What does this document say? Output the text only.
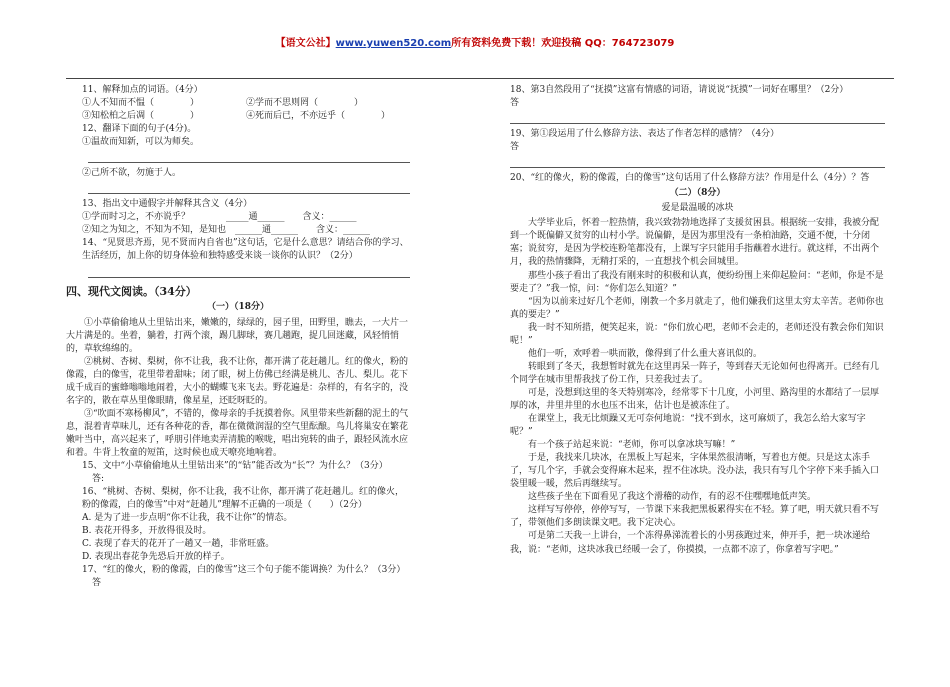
【语文公社】www.yuwen520.com所有资料免费下载！欢迎投稿 QQ：764723079

11、解释加点的词语。（4分）

①人不知而不愠（　　　　）	②学而不思则罔（　　　　）
③知松柏之后凋（　　　　）	④死而后已，不亦远乎（　　　　）

12、翻译下面的句子(4分)。

①温故而知新，可以为师矣。

②己所不欲，勿施于人。

13、指出文中通假字并解释其含义（4分）

①学而时习之，不亦说乎？　　　　_____通______　　含义：______

②知之为知之，不知为不知，是知也　______通______　　含义：______

14、“见贤思齐焉，见不贤而内自省也”这句话，它是什么意思？请结合你的学习、生活经历，加上你的切身体验和独特感受来谈一谈你的认识？（2分）

四、现代文阅读。（34分）

（一）（18分）

①小草偷偷地从土里钻出来，嫩嫩的，绿绿的，园子里，田野里，瞧去，一大片一大片满是的。坐着，躺着，打两个滚，踢几脚球，赛几趟跑，捉几回迷藏，风轻悄悄的，草软绵绵的。

②桃树、杏树、梨树，你不让我，我不让你，都开满了花赶趟儿。红的像火，粉的像霞，白的像雪，花里带着甜味；闭了眼，树上仿佛已经满是桃儿、杏儿、梨儿。花下成千成百的蜜蜂嗡嗡地闹着，大小的蝴蝶飞来飞去。野花遍是：杂样的，有名字的，没名字的，散在草丛里像眼睛，像星星，还眨呀眨的。

③“吹面不寒杨柳风”，不错的，像母亲的手抚摸着你。风里带来些新翻的泥土的气息，混着青草味儿，还有各种花的香，都在微微润湿的空气里酝酿。鸟儿将巢安在繁花嫩叶当中，高兴起来了，呼朋引伴地卖弄清脆的喉咙，唱出宛转的曲子，跟轻风流水应和着。牛背上牧童的短笛，这时候也成天嘹亮地响着。

15、文中“小草偷偷地从土里钻出来”的“钻”能否改为“长”？为什么？（3分）

答:

16、“桃树、杏树、梨树，你不让我，我不让你，都开满了花赶趟儿。红的像火，粉的像霞，白的像雪”中对“赶趟儿”理解不正确的一项是（　　）（2分）

A. 是为了进一步点明“你不让我，我不让你”的情态。

B. 表花开得多，开放得很及时。

C. 表现了春天的花开了一趟又一趟，非常旺盛。

D. 表现出春花争先恐后开放的样子。

17、“红的像火，粉的像霞，白的像雪”这三个句子能不能调换？为什么？（3分）

答

18、第3自然段用了“抚摸”这富有情感的词语，请说说“抚摸”一词好在哪里？（2分）

答

19、第①段运用了什么修辞方法、表达了作者怎样的感情？（4分）

答

20、“红的像火，粉的像霞，白的像雪”这句话用了什么修辞方法？作用是什么（4分）？答

（二）（8分）

爱是最温暖的冰块

大学毕业后，怀着一腔热情，我兴致勃勃地选择了支援贫困县。根据统一安排，我被分配到一个既偏僻又贫穷的山村小学。说偏僻，是因为那里没有一条柏油路，交通不便，十分闭塞；说贫穷，是因为学校连粉笔都没有，上课写字只能用手指蘸着水进行。就这样，不出两个月，我的热情骤降，无精打采的，一直想找个机会回城里。

那些小孩子看出了我没有刚来时的积极和认真，便纷纷围上来仰起脸问：“老师，你是不是要走了？”我一惊，问：“你们怎么知道？”

“因为以前来过好几个老师，刚教一个多月就走了，他们嫌我们这里太穷太辛苦。老师你也真的要走？”

我一时不知所措，便笑起来，说：“你们放心吧，老师不会走的，老师还没有教会你们知识呢！”

他们一听，欢呼着一哄而散，像得到了什么重大喜讯似的。

转眼到了冬天，我想暂时就先在这里再呆一阵子，等到春天无论如何也得离开。已经有几个同学在城市里帮我找了份工作，只差我过去了。

可是，没想到这里的冬天特别寒冷，经常零下十几度，小河里、路沟里的水都结了一层厚厚的冰，井里井里的水也压不出来，估计也是被冻住了。

在课堂上，我无比烦躁又无可奈何地说：“找不到水，这可麻烦了，我怎么给大家写字呢？”

有一个孩子站起来说：“老师，你可以拿冰块写嘛！”

于是，我找来几块冰，在黑板上写起来，字体果然很清晰，写着也方便。只是这太冻手了，写几个字，手就会变得麻木起来，捏不住冰块。没办法，我只有写几个字停下来手插入口袋里暖一暖，然后再继续写。

这些孩子坐在下面看见了我这个滑稽的动作，有的忍不住嘿嘿地低声笑。

这样写写停停，停停写写，一节课下来我把黑板累得实在不轻。算了吧，明天就只看不写了，带领他们多朗读课文吧。我下定决心。

可是第二天我一上讲台，一个冻得鼻涕流着长的小男孩跑过来，伸开手，把一块冰递给我，说：“老师，这块冰我已经暖一会了，你摸摸，一点都不凉了，你拿着写字吧。”
